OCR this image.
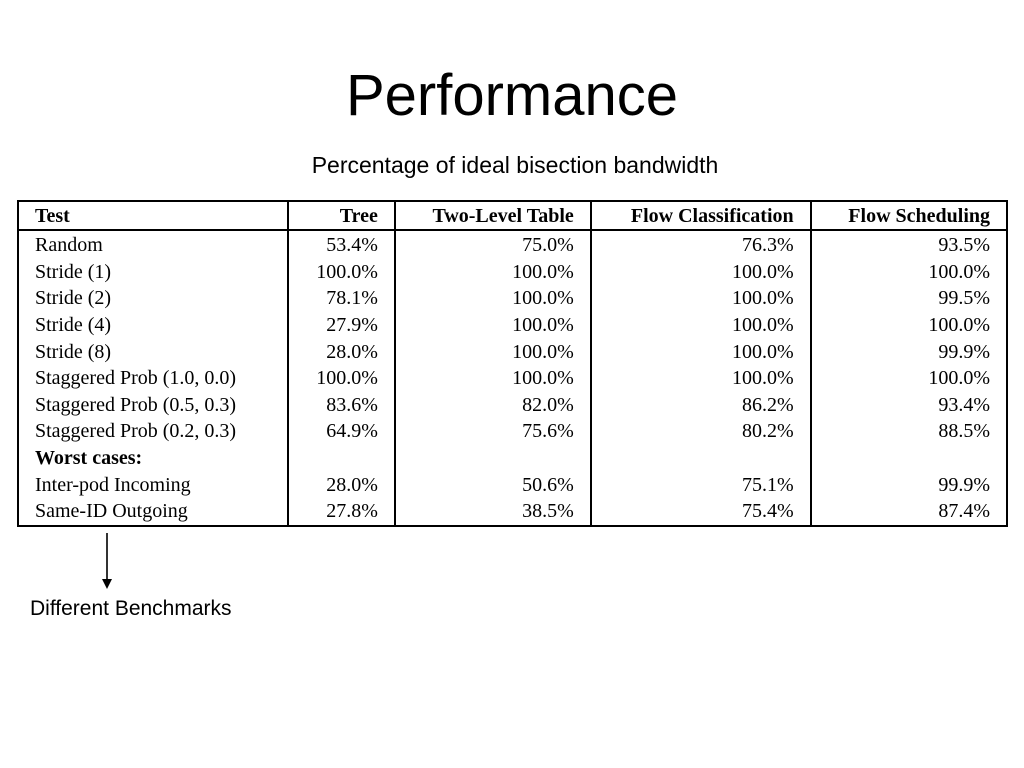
Performance
Percentage of ideal bisection bandwidth
Test	Tree	Two-Level Table	Flow Classification	Flow Scheduling
Random	53.4%	75.0%	76.3%	93.5%
Stride (1)	100.0%	100.0%	100.0%	100.0%
Stride (2)	78.1%	100.0%	100.0%	99.5%
Stride (4)	27.9%	100.0%	100.0%	100.0%
Stride (8)	28.0%	100.0%	100.0%	99.9%
Staggered Prob (1.0, 0.0)	100.0%	100.0%	100.0%	100.0%
Staggered Prob (0.5, 0.3)	83.6%	82.0%	86.2%	93.4%
Staggered Prob (0.2, 0.3)	64.9%	75.6%	80.2%	88.5%
Worst cases:				
Inter-pod Incoming	28.0%	50.6%	75.1%	99.9%
Same-ID Outgoing	27.8%	38.5%	75.4%	87.4%
Different Benchmarks
